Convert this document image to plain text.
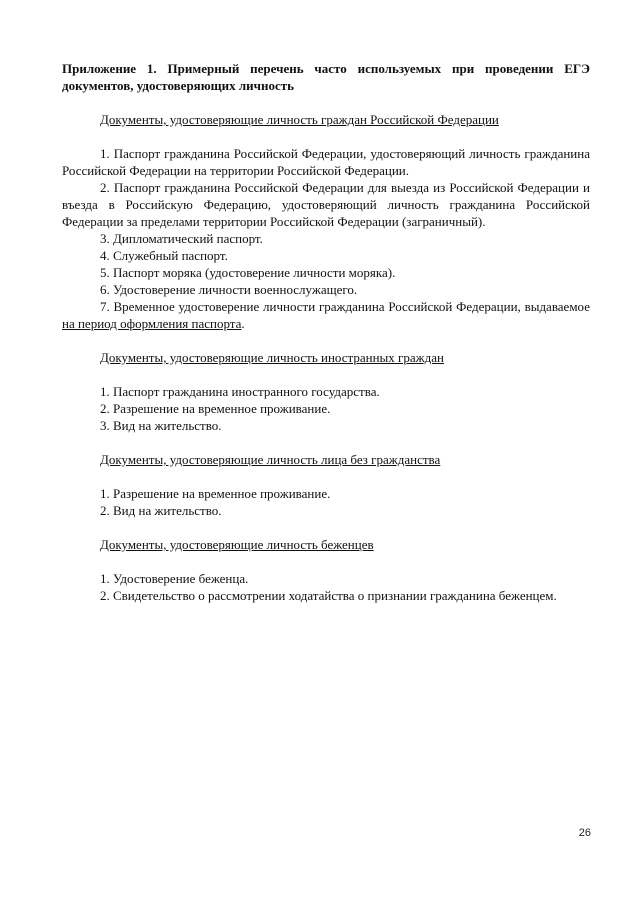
Приложение 1. Примерный перечень часто используемых при проведении ЕГЭ документов, удостоверяющих личность

Документы, удостоверяющие личность граждан Российской Федерации

1. Паспорт гражданина Российской Федерации, удостоверяющий личность гражданина Российской Федерации на территории Российской Федерации.

2. Паспорт гражданина Российской Федерации для выезда из Российской Федерации и въезда в Российскую Федерацию, удостоверяющий личность гражданина Российской Федерации за пределами территории Российской Федерации (заграничный).

3. Дипломатический паспорт.

4. Служебный паспорт.

5. Паспорт моряка (удостоверение личности моряка).

6. Удостоверение личности военнослужащего.

7. Временное удостоверение личности гражданина Российской Федерации, выдаваемое на период оформления паспорта.

Документы, удостоверяющие личность иностранных граждан

1. Паспорт гражданина иностранного государства.

2. Разрешение на временное проживание.

3. Вид на жительство.

Документы, удостоверяющие личность лица без гражданства

1. Разрешение на временное проживание.

2. Вид на жительство.

Документы, удостоверяющие личность беженцев

1. Удостоверение беженца.

2. Свидетельство о рассмотрении ходатайства о признании гражданина беженцем.

26
